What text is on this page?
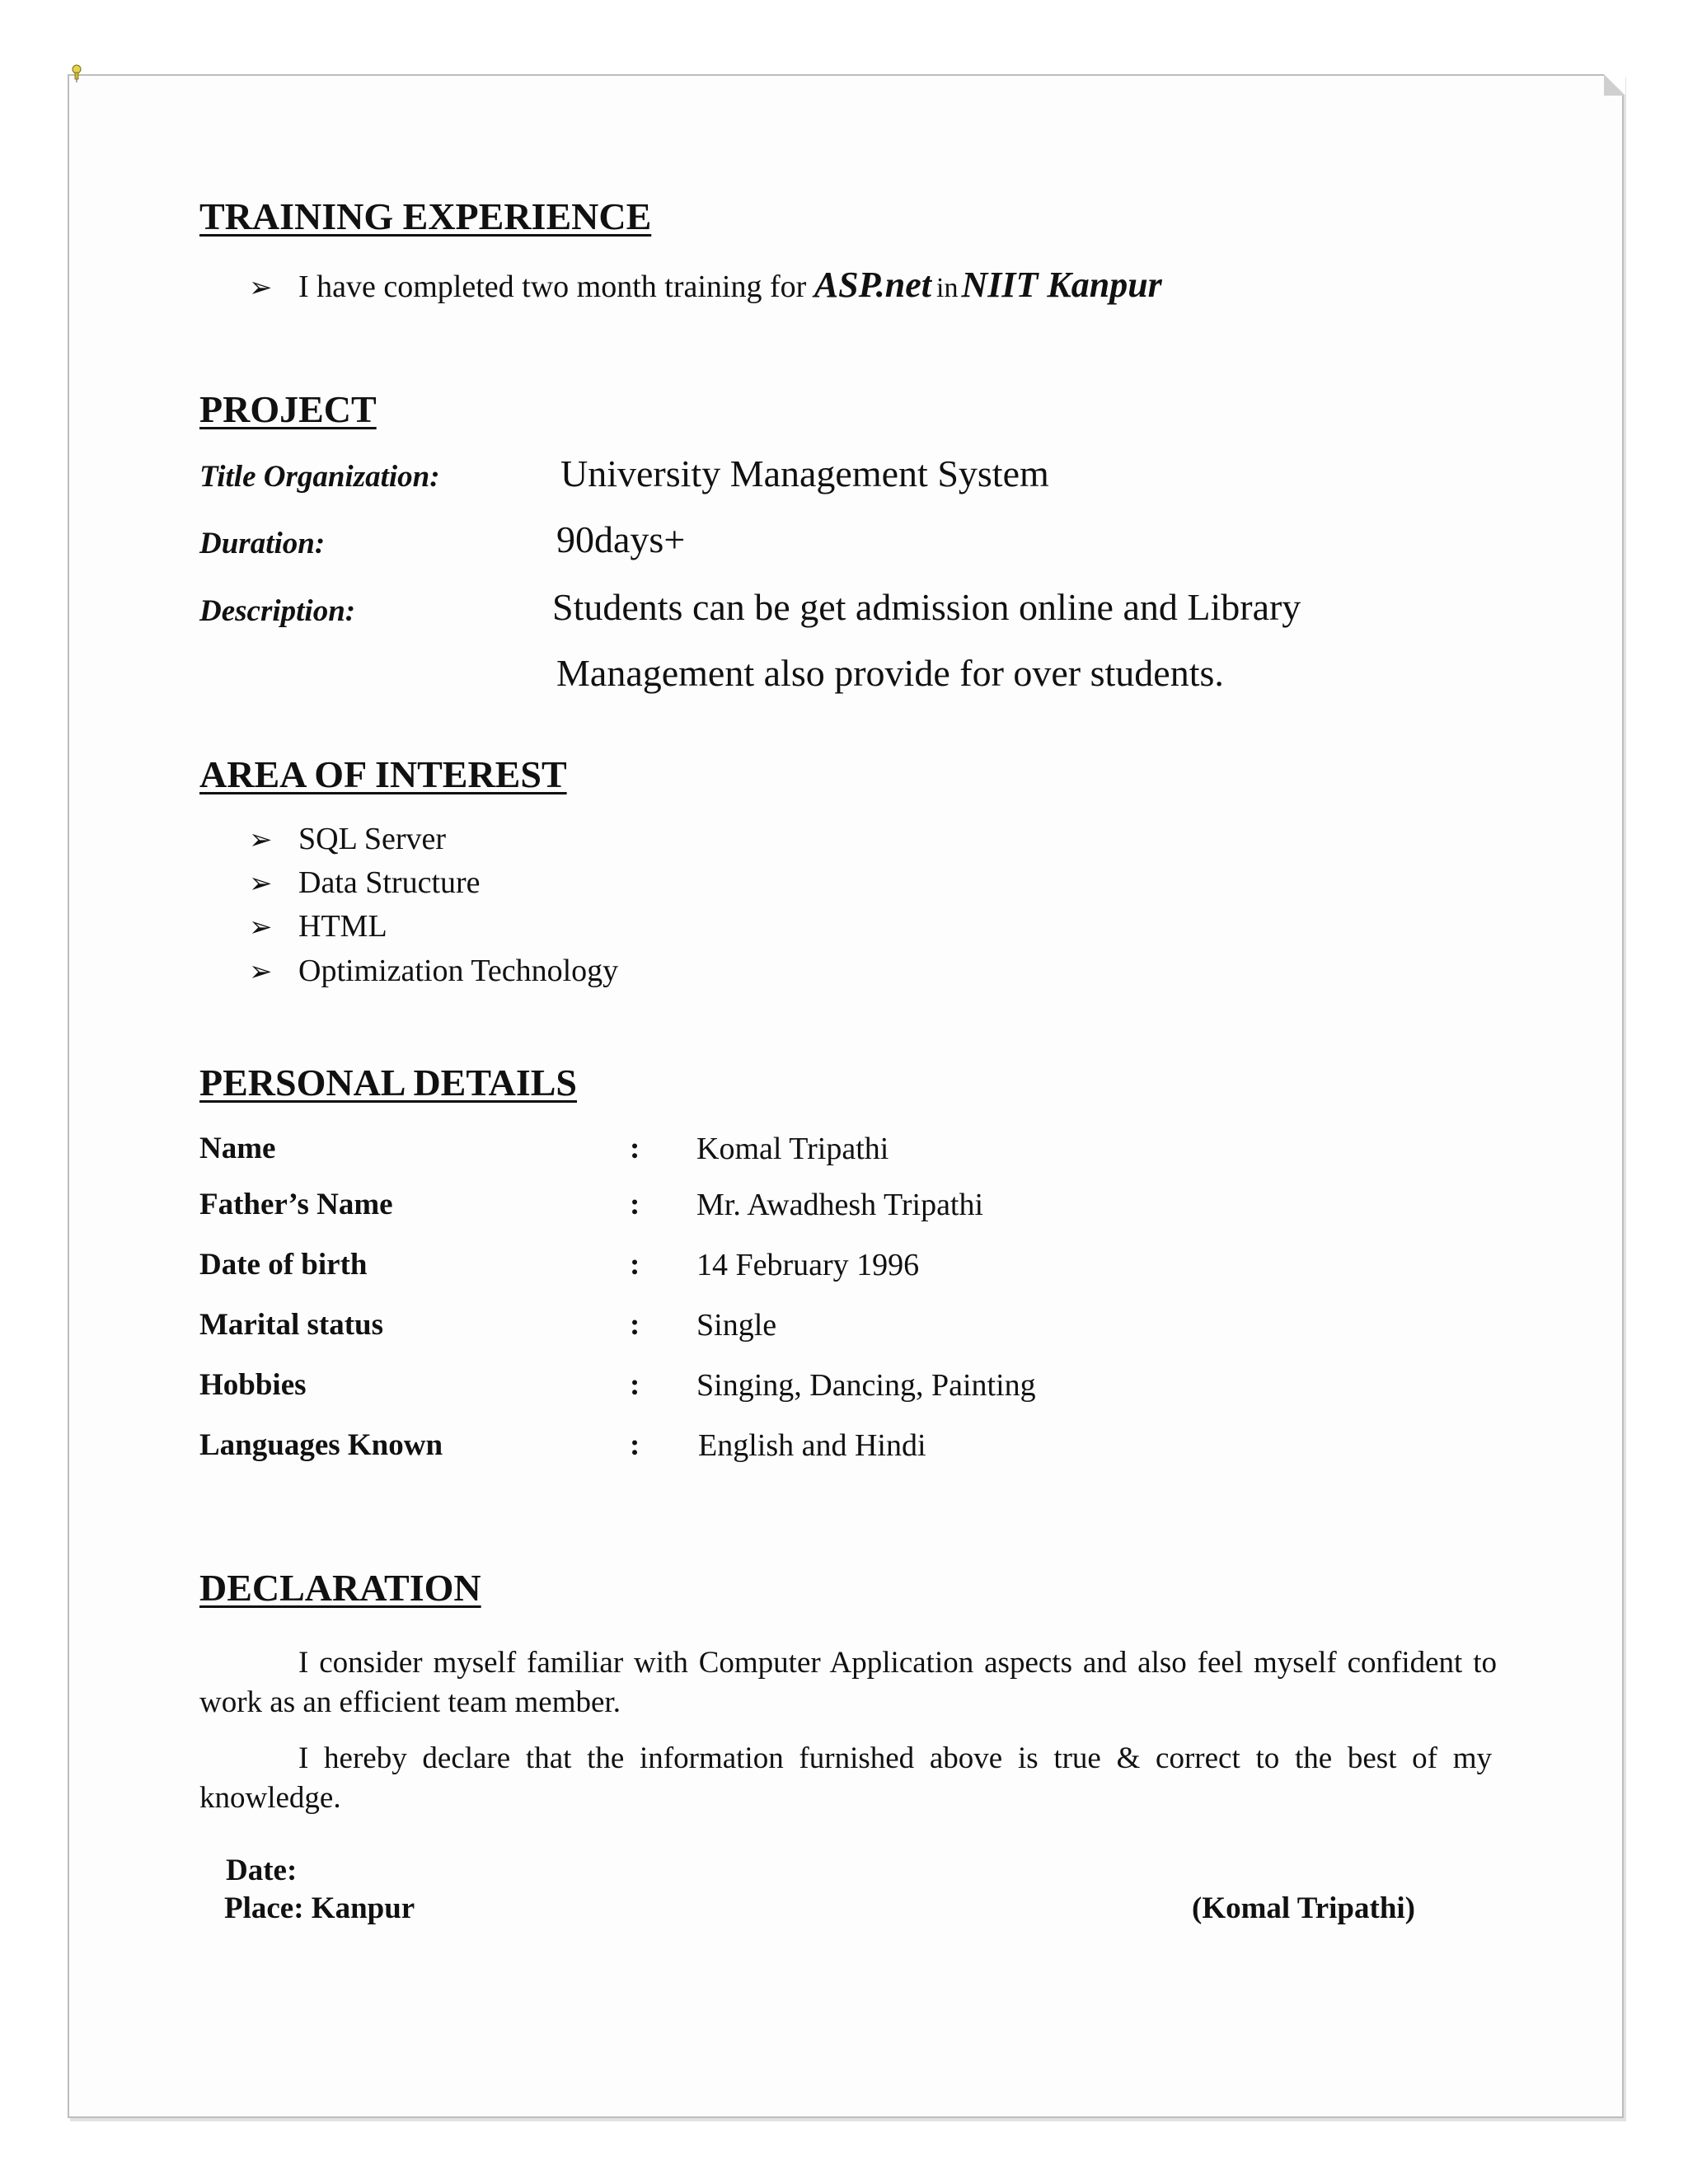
TRAINING EXPERIENCE
➢ I have completed two month training for ASP.net inNIIT Kanpur
PROJECT
Title Organization:	University Management System
Duration:	90days+
Description:	Students can be get admission online and Library
Management also provide for over students.
AREA OF INTEREST
➢ SQL Server
➢ Data Structure
➢ HTML
➢ Optimization Technology
PERSONAL DETAILS
Name	: Komal Tripathi
Father’s Name	: Mr. Awadhesh Tripathi
Date of birth	: 14 February 1996
Marital status	: Single
Hobbies	: Singing, Dancing, Painting
Languages Known	: English and Hindi
DECLARATION
I consider myself familiar with Computer Application aspects and also feel myself confident to work as an efficient team member.
I hereby declare that the information furnished above is true & correct to the best of my knowledge.
Date:
Place: Kanpur	(Komal Tripathi)
